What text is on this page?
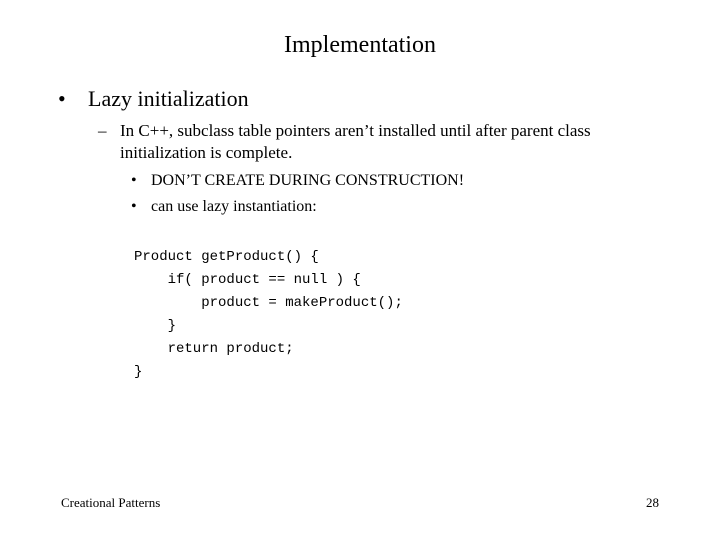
Implementation
•	Lazy initialization
– In C++, subclass table pointers aren’t installed until after parent class initialization is complete.
• DON’T CREATE DURING CONSTRUCTION!
• can use lazy instantiation:
Product getProduct() {
if( product == null ) {
product = makeProduct();
}
return product;
}
Creational Patterns	28
